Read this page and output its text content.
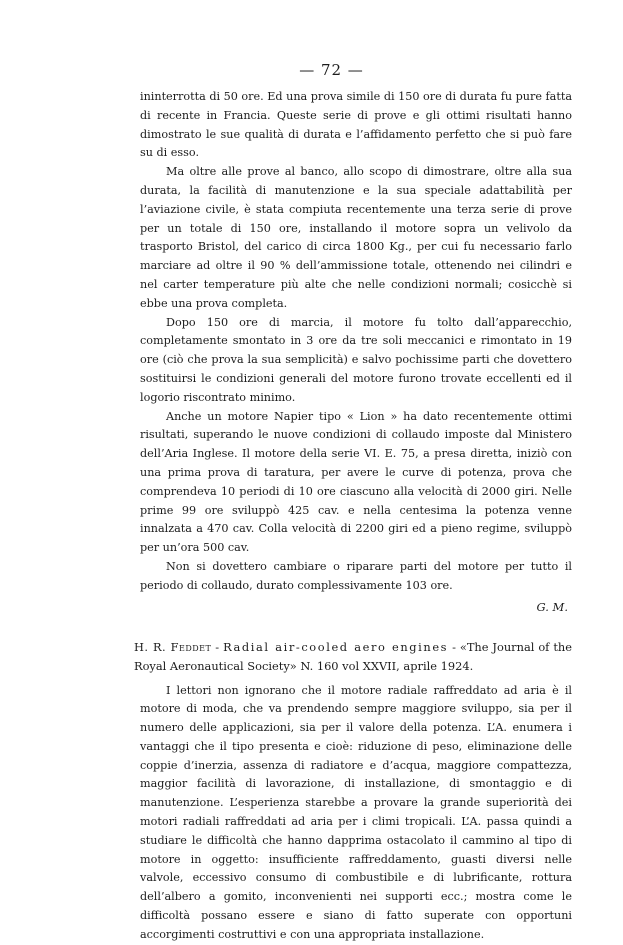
— 72 —

ininterrotta di 50 ore. Ed una prova simile di 150 ore di durata fu pure fatta di recente in Francia. Queste serie di prove e gli ottimi risultati hanno dimostrato le sue qualità di durata e l’affidamento perfetto che si può fare su di esso.

Ma oltre alle prove al banco, allo scopo di dimostrare, oltre alla sua durata, la facilità di manutenzione e la sua speciale adattabilità per l’aviazione civile, è stata compiuta recentemente una terza serie di prove per un totale di 150 ore, installando il motore sopra un velivolo da trasporto Bristol, del carico di circa 1800 Kg., per cui fu necessario farlo marciare ad oltre il 90 % dell’ammissione totale, ottenendo nei cilindri e nel carter temperature più alte che nelle condizioni normali; cosicchè si ebbe una prova completa.

Dopo 150 ore di marcia, il motore fu tolto dall’apparecchio, completamente smontato in 3 ore da tre soli meccanici e rimontato in 19 ore (ciò che prova la sua semplicità) e salvo pochissime parti che dovettero sostituirsi le condizioni generali del motore furono trovate eccellenti ed il logorio riscontrato minimo.

Anche un motore Napier tipo « Lion » ha dato recentemente ottimi risultati, superando le nuove condizioni di collaudo imposte dal Ministero dell’Aria Inglese. Il motore della serie VI. E. 75, a presa diretta, iniziò con una prima prova di taratura, per avere le curve di potenza, prova che comprendeva 10 periodi di 10 ore ciascuno alla velocità di 2000 giri. Nelle prime 99 ore sviluppò 425 cav. e nella centesima la potenza venne innalzata a 470 cav. Colla velocità di 2200 giri ed a pieno regime, sviluppò per un’ora 500 cav.

Non si dovettero cambiare o riparare parti del motore per tutto il periodo di collaudo, durato complessivamente 103 ore.

G. M.

H. R. Feddet - Radial air-cooled aero engines - «The Journal of the Royal Aeronautical Society» N. 160 vol XXVII, aprile 1924.

I lettori non ignorano che il motore radiale raffreddato ad aria è il motore di moda, che va prendendo sempre maggiore sviluppo, sia per il numero delle applicazioni, sia per il valore della potenza. L’A. enumera i vantaggi che il tipo presenta e cioè: riduzione di peso, eliminazione delle coppie d’inerzia, assenza di radiatore e d’acqua, maggiore compattezza, maggior facilità di lavorazione, di installazione, di smontaggio e di manutenzione. L’esperienza starebbe a provare la grande superiorità dei motori radiali raffreddati ad aria per i climi tropicali. L’A. passa quindi a studiare le difficoltà che hanno dapprima ostacolato il cammino al tipo di motore in oggetto: insufficiente raffreddamento, guasti diversi nelle valvole, eccessivo consumo di combustibile e di lubrificante, rottura dell’albero a gomito, inconvenienti nei supporti ecc.; mostra come le difficoltà possano essere e siano di fatto superate con opportuni accorgimenti costruttivi e con una appropriata installazione.
